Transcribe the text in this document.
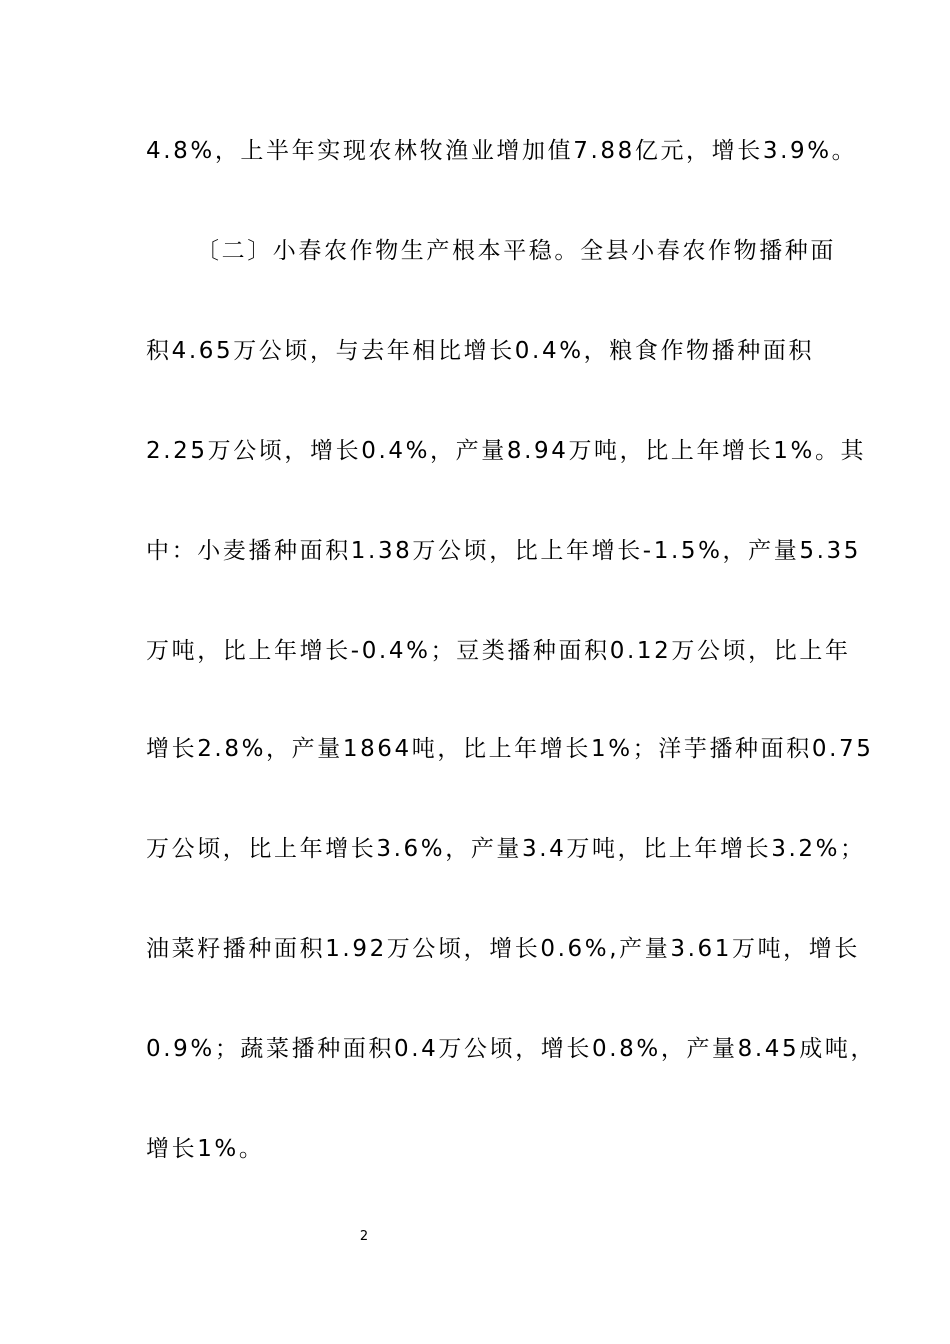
4.8%，上半年实现农林牧渔业增加值7.88亿元，增长3.9%。
〔二〕小春农作物生产根本平稳。全县小春农作物播种面
积4.65万公顷，与去年相比增长0.4%，粮食作物播种面积
2.25万公顷，增长0.4%，产量8.94万吨，比上年增长1%。其
中：小麦播种面积1.38万公顷，比上年增长-1.5%，产量5.35
万吨，比上年增长-0.4%；豆类播种面积0.12万公顷，比上年
增长2.8%，产量1864吨，比上年增长1%；洋芋播种面积0.75
万公顷，比上年增长3.6%，产量3.4万吨，比上年增长3.2%；
油菜籽播种面积1.92万公顷，增长0.6%,产量3.61万吨，增长
0.9%；蔬菜播种面积0.4万公顷，增长0.8%，产量8.45成吨，
增长1%。
2
